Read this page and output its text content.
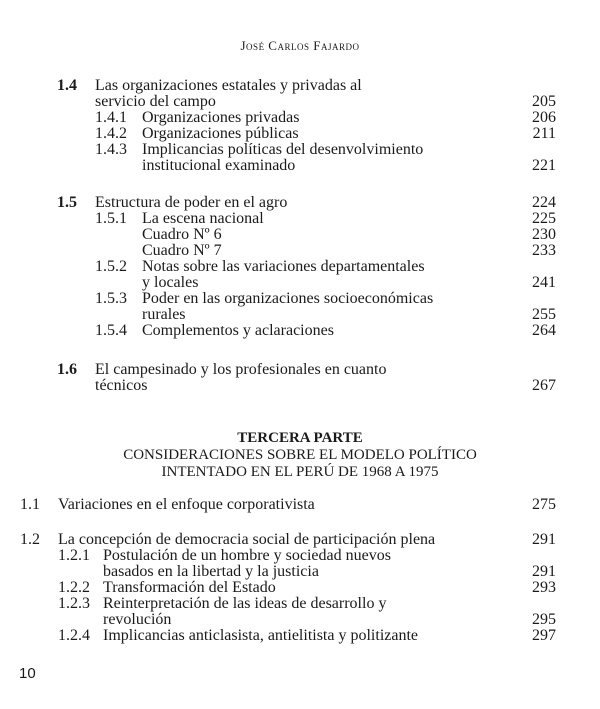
José Carlos Fajardo
1.4 Las organizaciones estatales y privadas al
servicio del campo	205
1.4.1 Organizaciones privadas	206
1.4.2 Organizaciones públicas	211
1.4.3 Implicancias políticas del desenvolvimiento
institucional examinado	221
1.5 Estructura de poder en el agro	224
1.5.1 La escena nacional	225
Cuadro Nº 6	230
Cuadro Nº 7	233
1.5.2 Notas sobre las variaciones departamentales
y locales	241
1.5.3 Poder en las organizaciones socioeconómicas
rurales	255
1.5.4 Complementos y aclaraciones	264
1.6 El campesinado y los profesionales en cuanto
técnicos	267
TERCERA PARTE
CONSIDERACIONES SOBRE EL MODELO POLÍTICO
INTENTADO EN EL PERÚ DE 1968 A 1975
1.1 Variaciones en el enfoque corporativista	275
1.2 La concepción de democracia social de participación plena	291
1.2.1 Postulación de un hombre y sociedad nuevos
basados en la libertad y la justicia	291
1.2.2 Transformación del Estado	293
1.2.3 Reinterpretación de las ideas de desarrollo y
revolución	295
1.2.4 Implicancias anticlasista, antielitista y politizante	297
10
